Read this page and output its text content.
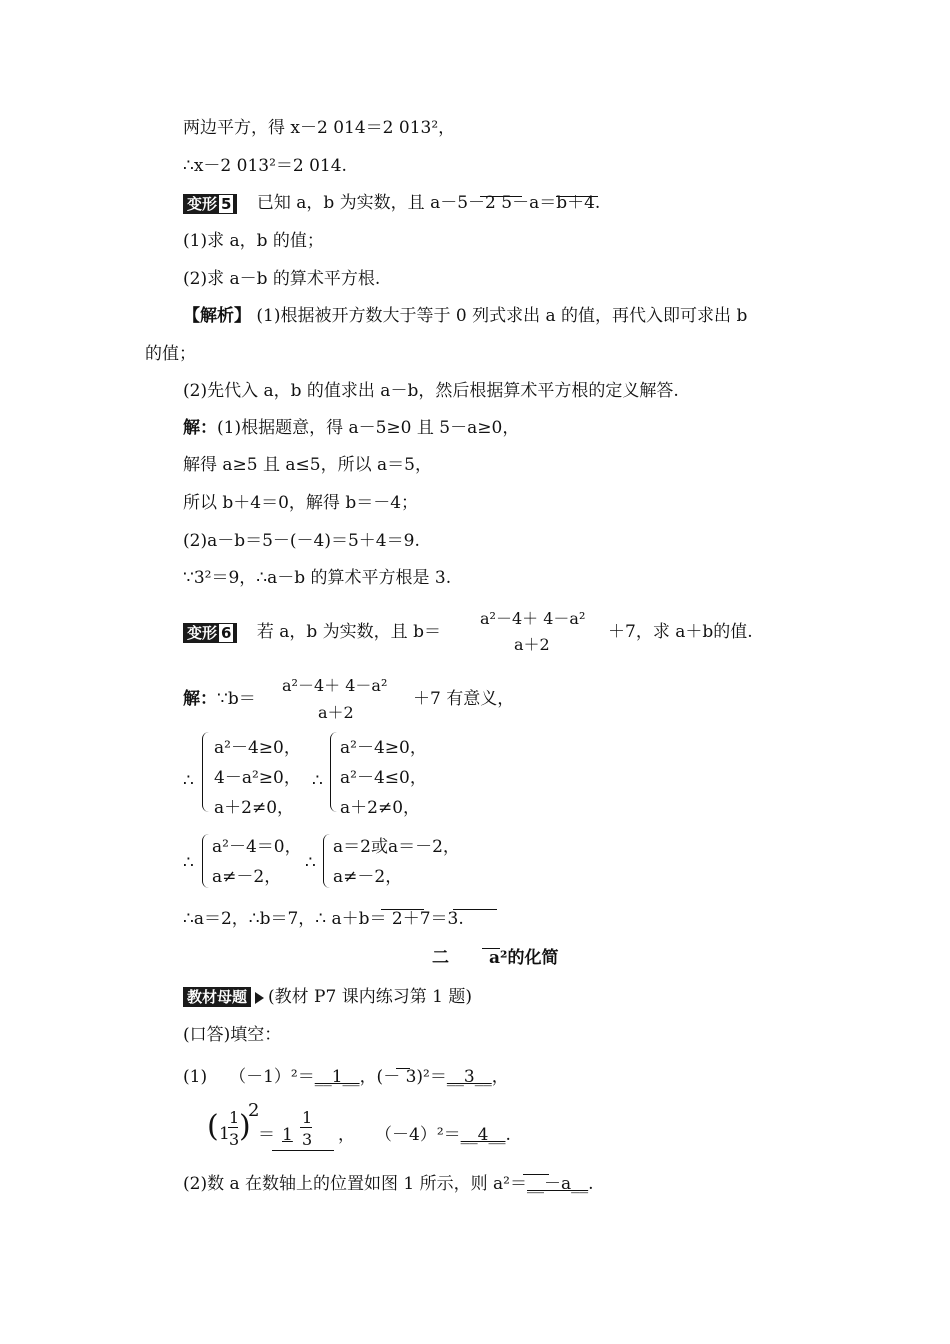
两边平方，得 x－2 014＝2 013²，
∴x－2 013²＝2 014.
变形 5 已知 a，b 为实数，且 a－5－2 5－a＝b＋4.
(1)求 a，b 的值；
(2)求 a－b 的算术平方根.
【解析】 (1)根据被开方数大于等于 0 列式求出 a 的值，再代入即可求出 b
的值；
(2)先代入 a，b 的值求出 a－b，然后根据算术平方根的定义解答.
解：(1)根据题意，得 a－5≥0 且 5－a≥0，
解得 a≥5 且 a≤5，所以 a＝5，
所以 b＋4＝0，解得 b＝－4；
(2)a－b＝5－(－4)＝5＋4＝9.
∵3²＝9，∴a－b 的算术平方根是 3.
变形 6 若 a，b 为实数，且 b＝
a²－4＋ 4－a²
a＋2
＋7，求 a＋b的值.
解：∵b＝
a²－4＋ 4－a²
a＋2
＋7 有意义，
∴
a²－4≥0，
4－a²≥0，
a＋2≠0，
∴
a²－4≥0，
a²－4≤0，
a＋2≠0，
∴
a²－4＝0，
a≠－2，
∴
a＝2或a＝－2，
a≠－2，
∴a＝2，∴b＝7，∴ a＋b＝ 2＋7＝3.
二 a²的化简
教材母题 (教材 P7 课内练习第 1 题)
(口答)填空：
(1) （－1）²＝__1__，(－ 3)²＝__3__，
( 1
1
3 )
2
＝ 1
1
3 ， （－4）²＝__4__.
(2)数 a 在数轴上的位置如图 1 所示，则 a²＝__－a__.
